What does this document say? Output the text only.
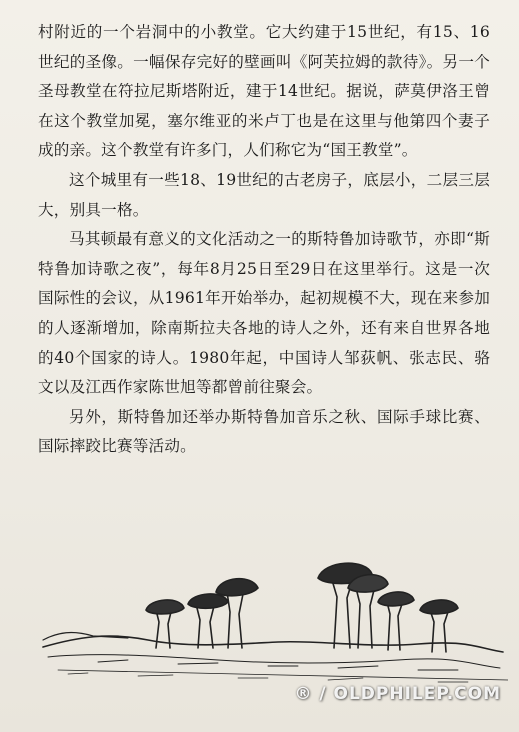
村附近的一个岩洞中的小教堂。它大约建于15世纪，有15、16世纪的圣像。一幅保存完好的壁画叫《阿芙拉姆的款待》。另一个圣母教堂在符拉尼斯塔附近，建于14世纪。据说，萨莫伊洛王曾在这个教堂加冕，塞尔维亚的米卢丁也是在这里与他第四个妻子成的亲。这个教堂有许多门，人们称它为“国王教堂”。

这个城里有一些18、19世纪的古老房子，底层小，二层三层大，别具一格。

马其顿最有意义的文化活动之一的斯特鲁加诗歌节，亦即“斯特鲁加诗歌之夜”，每年8月25日至29日在这里举行。这是一次国际性的会议，从1961年开始举办，起初规模不大，现在来参加的人逐渐增加，除南斯拉夫各地的诗人之外，还有来自世界各地的40个国家的诗人。1980年起，中国诗人邹荻帆、张志民、骆文以及江西作家陈世旭等都曾前往聚会。

另外，斯特鲁加还举办斯特鲁加音乐之秋、国际手球比赛、国际摔跤比赛等活动。

® / OLDPHILEP.COM
